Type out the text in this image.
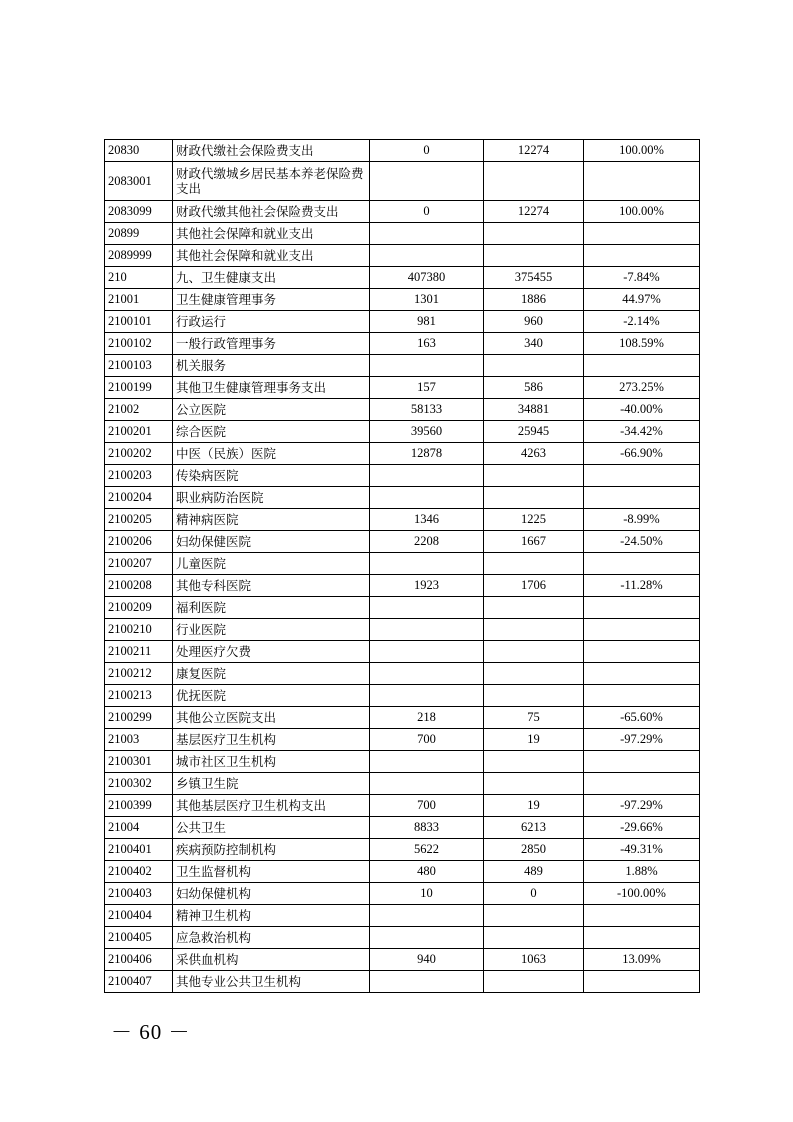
20830	财政代缴社会保险费支出	0	12274	100.00%
2083001	财政代缴城乡居民基本养老保险费支出			
2083099	财政代缴其他社会保险费支出	0	12274	100.00%
20899	其他社会保障和就业支出			
2089999	其他社会保障和就业支出			
210	九、卫生健康支出	407380	375455	-7.84%
21001	卫生健康管理事务	1301	1886	44.97%
2100101	行政运行	981	960	-2.14%
2100102	一般行政管理事务	163	340	108.59%
2100103	机关服务			
2100199	其他卫生健康管理事务支出	157	586	273.25%
21002	公立医院	58133	34881	-40.00%
2100201	综合医院	39560	25945	-34.42%
2100202	中医（民族）医院	12878	4263	-66.90%
2100203	传染病医院			
2100204	职业病防治医院			
2100205	精神病医院	1346	1225	-8.99%
2100206	妇幼保健医院	2208	1667	-24.50%
2100207	儿童医院			
2100208	其他专科医院	1923	1706	-11.28%
2100209	福利医院			
2100210	行业医院			
2100211	处理医疗欠费			
2100212	康复医院			
2100213	优抚医院			
2100299	其他公立医院支出	218	75	-65.60%
21003	基层医疗卫生机构	700	19	-97.29%
2100301	城市社区卫生机构			
2100302	乡镇卫生院			
2100399	其他基层医疗卫生机构支出	700	19	-97.29%
21004	公共卫生	8833	6213	-29.66%
2100401	疾病预防控制机构	5622	2850	-49.31%
2100402	卫生监督机构	480	489	1.88%
2100403	妇幼保健机构	10	0	-100.00%
2100404	精神卫生机构			
2100405	应急救治机构			
2100406	采供血机构	940	1063	13.09%
2100407	其他专业公共卫生机构			
－ 60 －
